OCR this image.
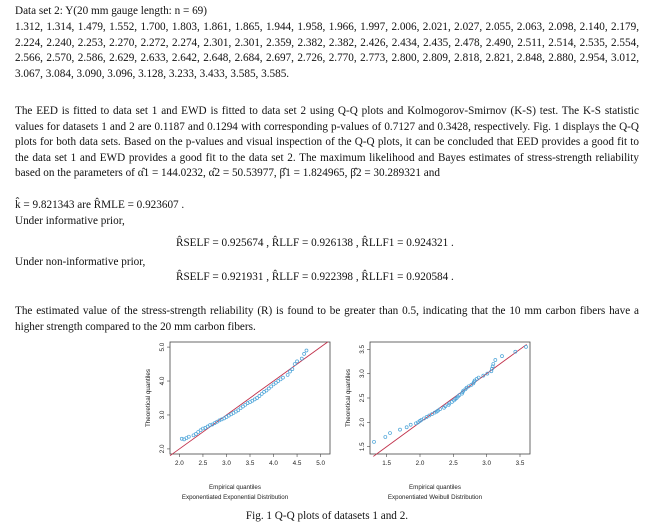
Data set 2: Y(20 mm gauge length: n = 69)
1.312, 1.314, 1.479, 1.552, 1.700, 1.803, 1.861, 1.865, 1.944, 1.958, 1.966, 1.997, 2.006, 2.021, 2.027, 2.055, 2.063, 2.098, 2.140, 2.179, 2.224, 2.240, 2.253, 2.270, 2.272, 2.274, 2.301, 2.301, 2.359, 2.382, 2.382, 2.426, 2.434, 2.435, 2.478, 2.490, 2.511, 2.514, 2.535, 2.554, 2.566, 2.570, 2.586, 2.629, 2.633, 2.642, 2.648, 2.684, 2.697, 2.726, 2.770, 2.773, 2.800, 2.809, 2.818, 2.821, 2.848, 2.880, 2.954, 3.012, 3.067, 3.084, 3.090, 3.096, 3.128, 3.233, 3.433, 3.585, 3.585.
The EED is fitted to data set 1 and EWD is fitted to data set 2 using Q-Q plots and Kolmogorov-Smirnov (K-S) test. The K-S statistic values for datasets 1 and 2 are 0.1187 and 0.1294 with corresponding p-values of 0.7127 and 0.3428, respectively. Fig. 1 displays the Q-Q plots for both data sets. Based on the p-values and visual inspection of the Q-Q plots, it can be concluded that EED provides a good fit to the data set 1 and EWD provides a good fit to the data set 2. The maximum likelihood and Bayes estimates of stress-strength reliability based on the parameters of α̂1 = 144.0232, α̂2 = 50.53977, β̂1 = 1.824965, β̂2 = 30.289321 and
k̂ = 9.821343 are R̂MLE = 0.923607 .
Under informative prior,
R̂SELF = 0.925674 , R̂LLF = 0.926138 , R̂LLF1 = 0.924321 .
Under non-informative prior,
R̂SELF = 0.921931 , R̂LLF = 0.922398 , R̂LLF1 = 0.920584 .
The estimated value of the stress-strength reliability (R) is found to be greater than 0.5, indicating that the 10 mm carbon fibers have a higher strength compared to the 20 mm carbon fibers.
2.0 2.5 3.0 3.5 4.0 4.5 5.0
2.0
3.0
4.0
5.0
Theoretical quantiles
Empirical quantiles
Exponentiated Exponential Distribution
1.5	2.0	2.5	3.0	3.5
1.5
2.0
2.5
3.0
3.5
Theoretical quantiles
Empirical quantiles
Exponentiated Weibull Distribution
Fig. 1 Q-Q plots of datasets 1 and 2.
